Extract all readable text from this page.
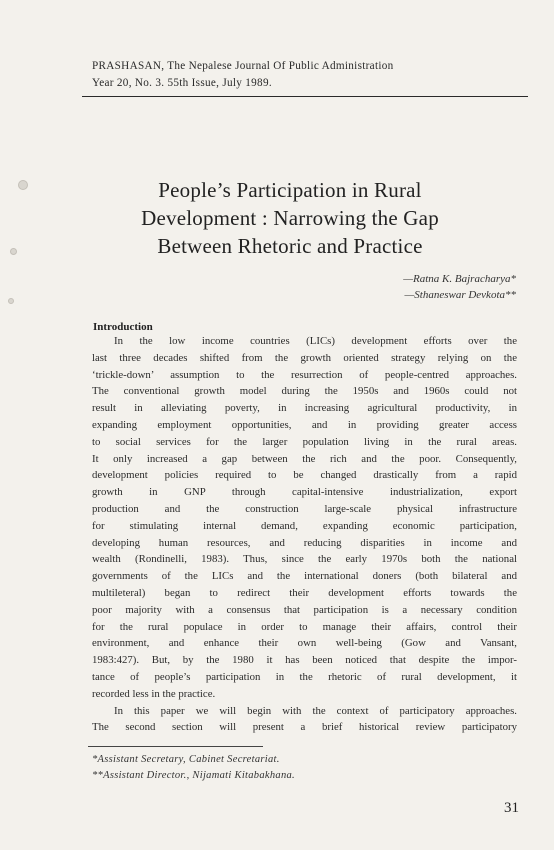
PRASHASAN, The Nepalese Journal Of Public Administration
Year 20, No. 3. 55th Issue, July 1989.
People’s Participation in Rural
Development : Narrowing the Gap
Between Rhetoric and Practice
—Ratna K. Bajracharya*
—Sthaneswar Devkota**
Introduction
In the low income countries (LICs) development efforts over the
last three decades shifted from the growth oriented strategy relying on the
‘trickle-down’ assumption to the resurrection of people-centred approaches.
The conventional growth model during the 1950s and 1960s could not
result in alleviating poverty, in increasing agricultural productivity, in
expanding employment opportunities, and in providing greater access
to social services for the larger population living in the rural areas.
It only increased a gap between the rich and the poor. Consequently,
development policies required to be changed drastically from a rapid
growth in GNP through capital-intensive industrialization, export
production and the construction large-scale physical infrastructure
for stimulating internal demand, expanding economic participation,
developing human resources, and reducing disparities in income and
wealth (Rondinelli, 1983). Thus, since the early 1970s both the national
governments of the LICs and the international doners (both bilateral and
multileteral) began to redirect their development efforts towards the
poor majority with a consensus that participation is a necessary condition
for the rural populace in order to manage their affairs, control their
environment, and enhance their own well-being (Gow and Vansant,
1983:427). But, by the 1980 it has been noticed that despite the impor-
tance of people’s participation in the rhetoric of rural development, it
recorded less in the practice.
In this paper we will begin with the context of participatory approaches.
The second section will present a brief historical review participatory
*Assistant Secretary, Cabinet Secretariat.
**Assistant Director., Nijamati Kitabakhana.
31
